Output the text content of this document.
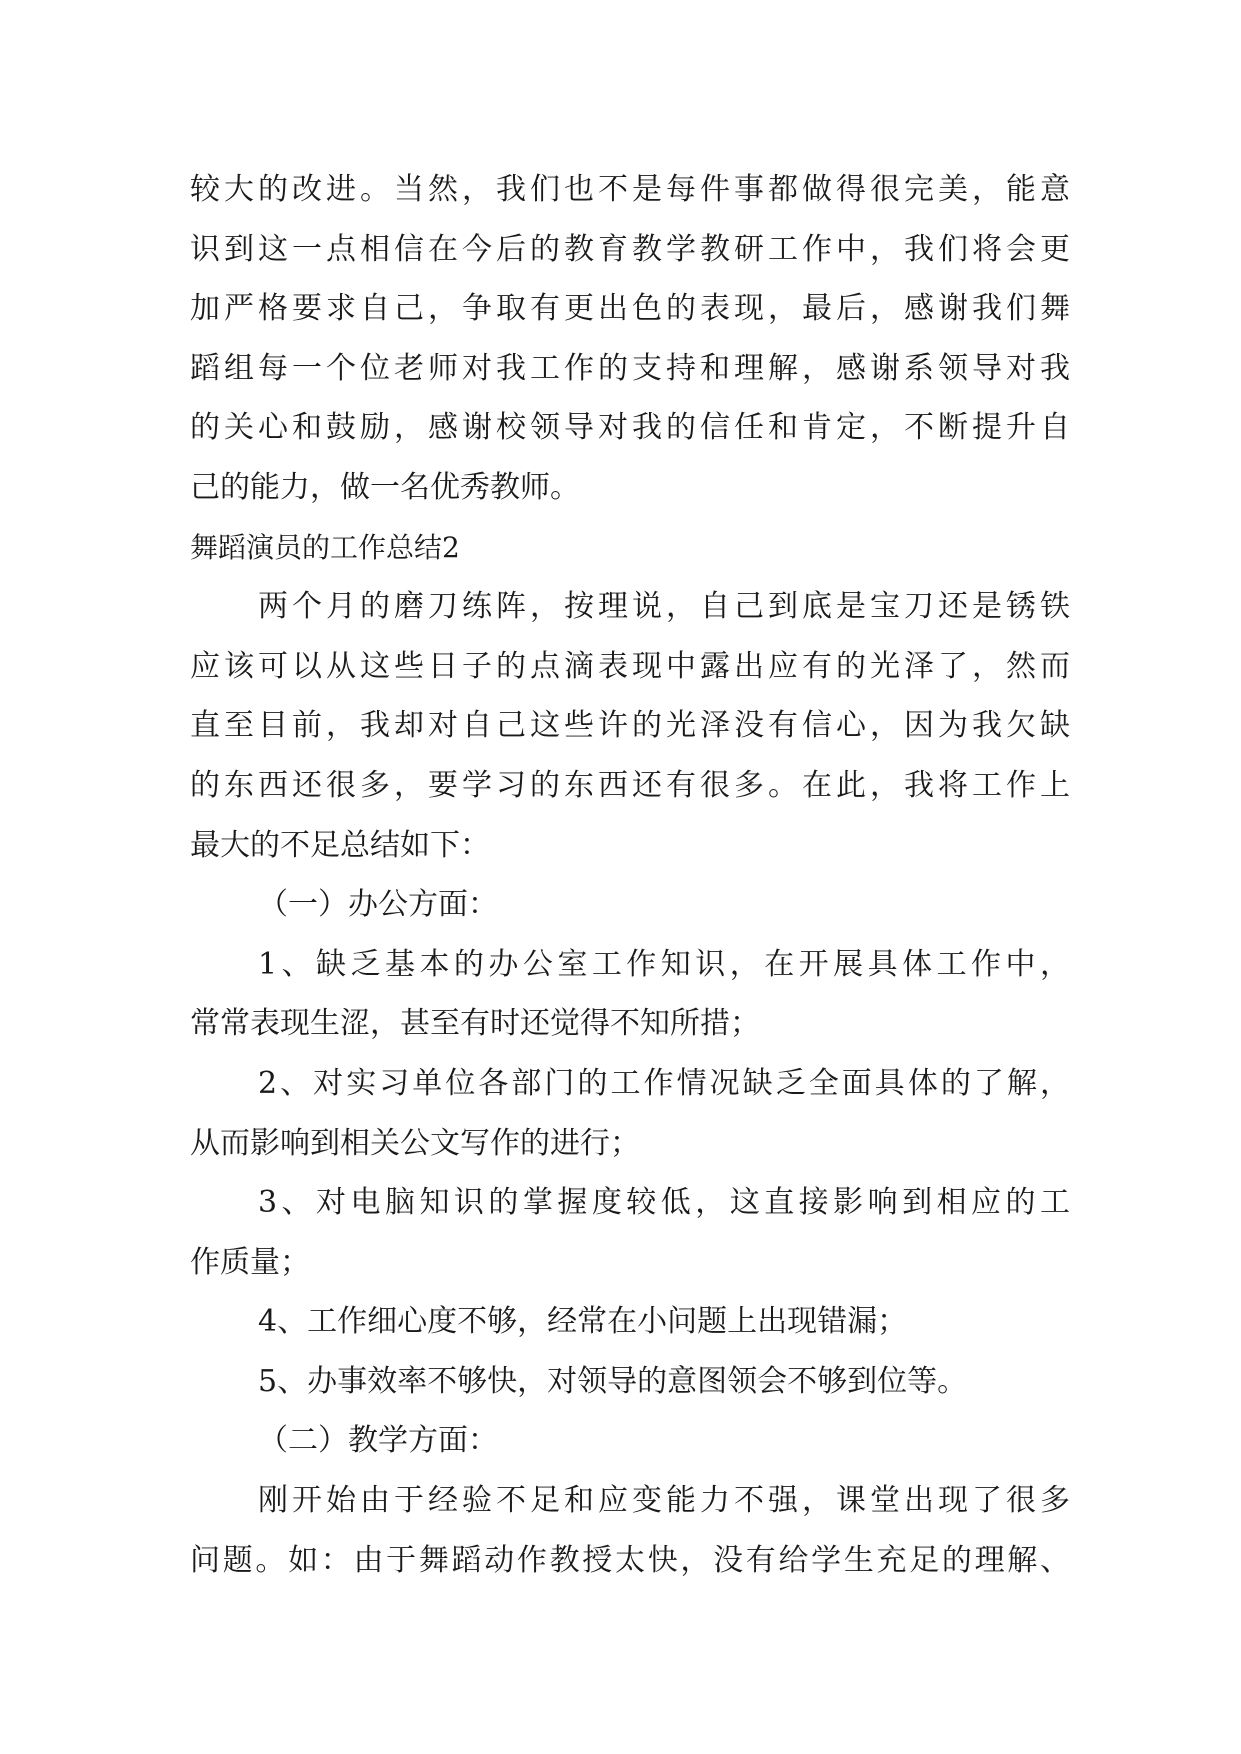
较大的改进。当然，我们也不是每件事都做得很完美，能意
识到这一点相信在今后的教育教学教研工作中，我们将会更
加严格要求自己，争取有更出色的表现，最后，感谢我们舞
蹈组每一个位老师对我工作的支持和理解，感谢系领导对我
的关心和鼓励，感谢校领导对我的信任和肯定，不断提升自
己的能力，做一名优秀教师。
舞蹈演员的工作总结2
两个月的磨刀练阵，按理说，自己到底是宝刀还是锈铁
应该可以从这些日子的点滴表现中露出应有的光泽了，然而
直至目前，我却对自己这些许的光泽没有信心，因为我欠缺
的东西还很多，要学习的东西还有很多。在此，我将工作上
最大的不足总结如下：
（一）办公方面：
1、缺乏基本的办公室工作知识，在开展具体工作中，
常常表现生涩，甚至有时还觉得不知所措；
2、对实习单位各部门的工作情况缺乏全面具体的了解，
从而影响到相关公文写作的进行；
3、对电脑知识的掌握度较低，这直接影响到相应的工
作质量；
4、工作细心度不够，经常在小问题上出现错漏；
5、办事效率不够快，对领导的意图领会不够到位等。
（二）教学方面：
刚开始由于经验不足和应变能力不强，课堂出现了很多
问题。如：由于舞蹈动作教授太快，没有给学生充足的理解、
